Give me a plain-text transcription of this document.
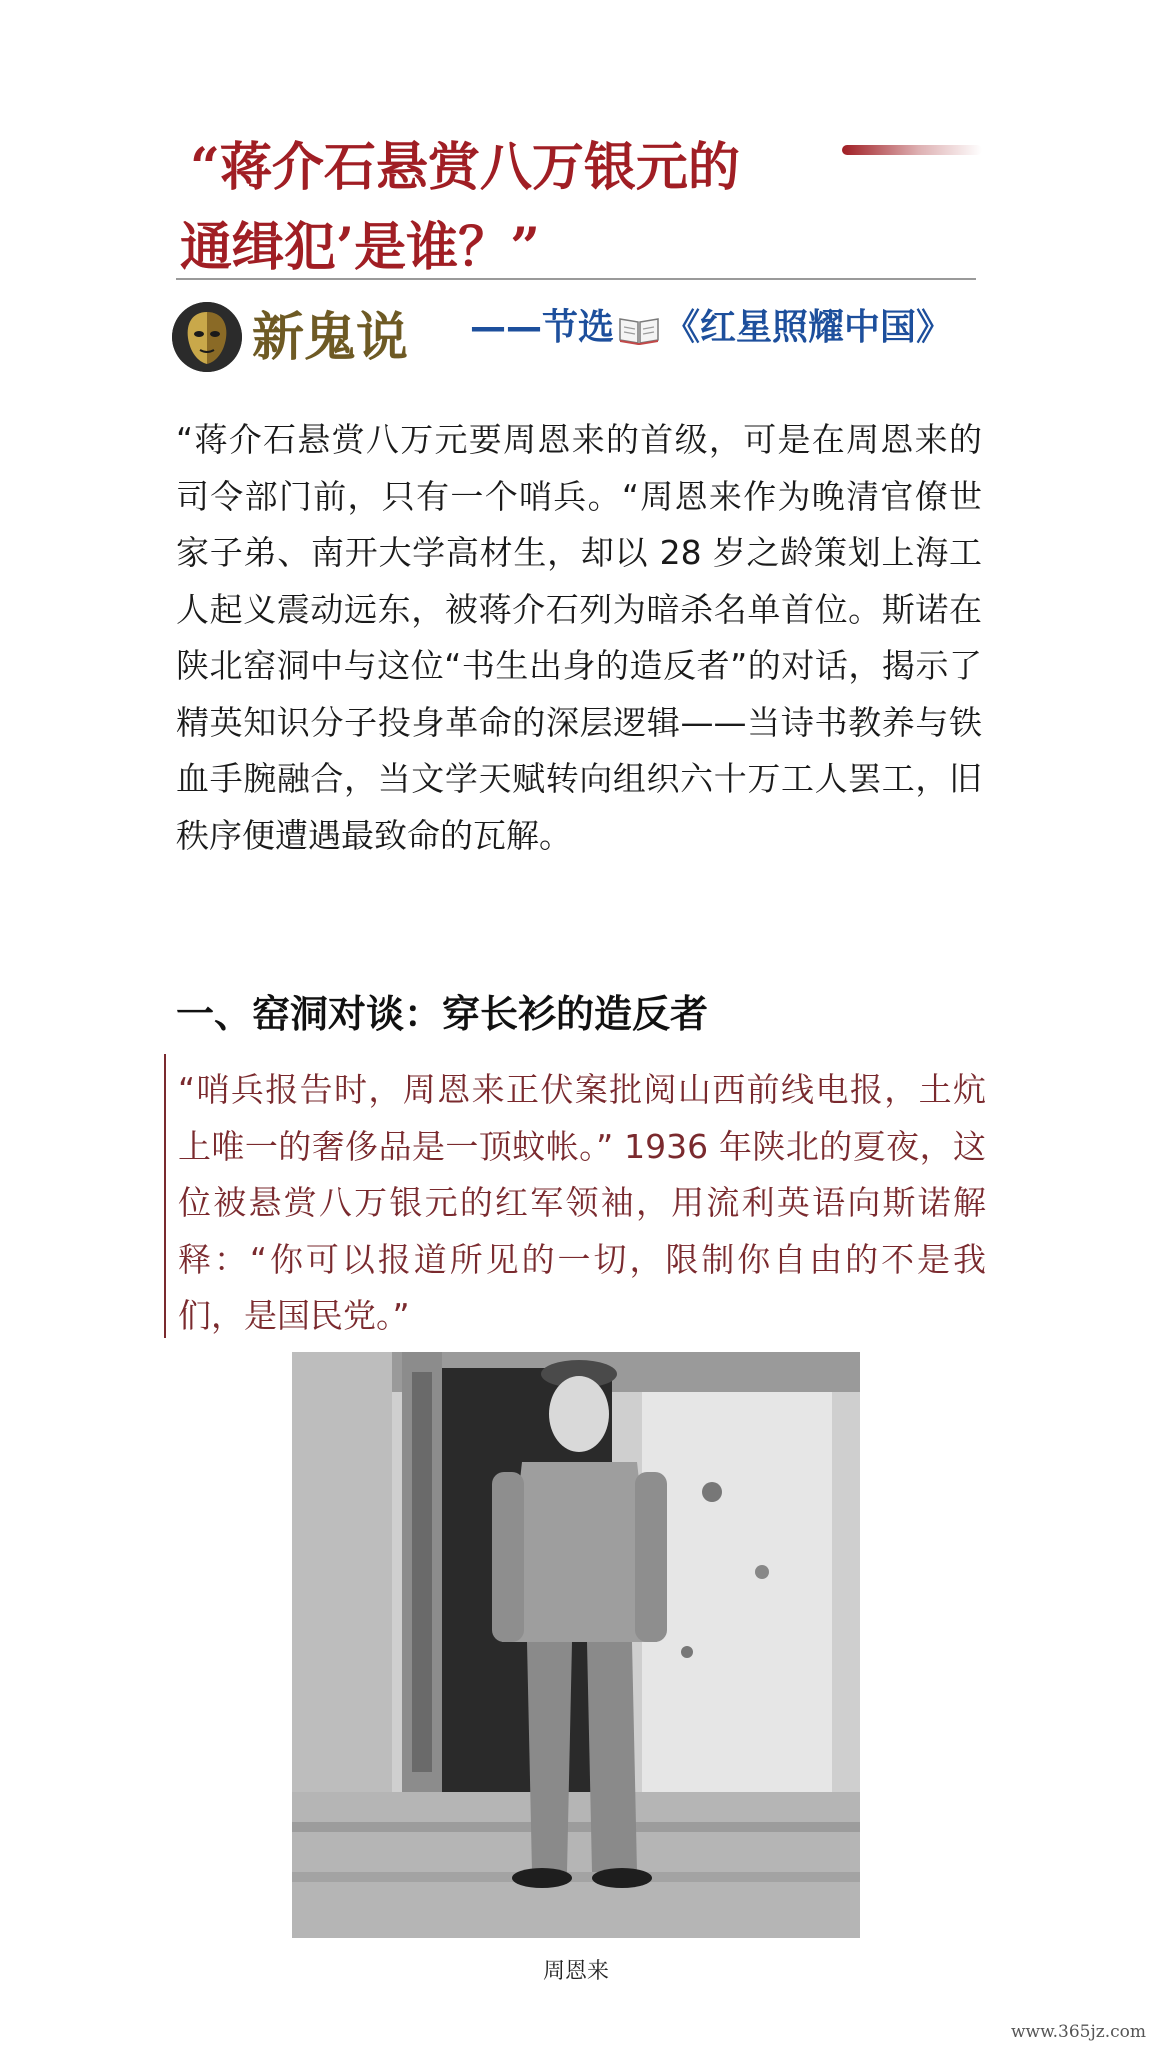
“蒋介石悬赏八万银元的
通缉犯’是谁？”
新鬼说 ——节选 《红星照耀中国》

“蒋介石悬赏八万元要周恩来的首级，可是在周恩来的司令部门前，只有一个哨兵。“周恩来作为晚清官僚世家子弟、南开大学高材生，却以 28 岁之龄策划上海工人起义震动远东，被蒋介石列为暗杀名单首位。斯诺在陕北窑洞中与这位“书生出身的造反者”的对话，揭示了精英知识分子投身革命的深层逻辑——当诗书教养与铁血手腕融合，当文学天赋转向组织六十万工人罢工，旧秩序便遭遇最致命的瓦解。

一、窑洞对谈：穿长衫的造反者

“哨兵报告时，周恩来正伏案批阅山西前线电报，土炕上唯一的奢侈品是一顶蚊帐。” 1936 年陕北的夏夜，这位被悬赏八万银元的红军领袖，用流利英语向斯诺解释：“你可以报道所见的一切，限制你自由的不是我们，是国民党。”

周恩来
www.365jz.com
